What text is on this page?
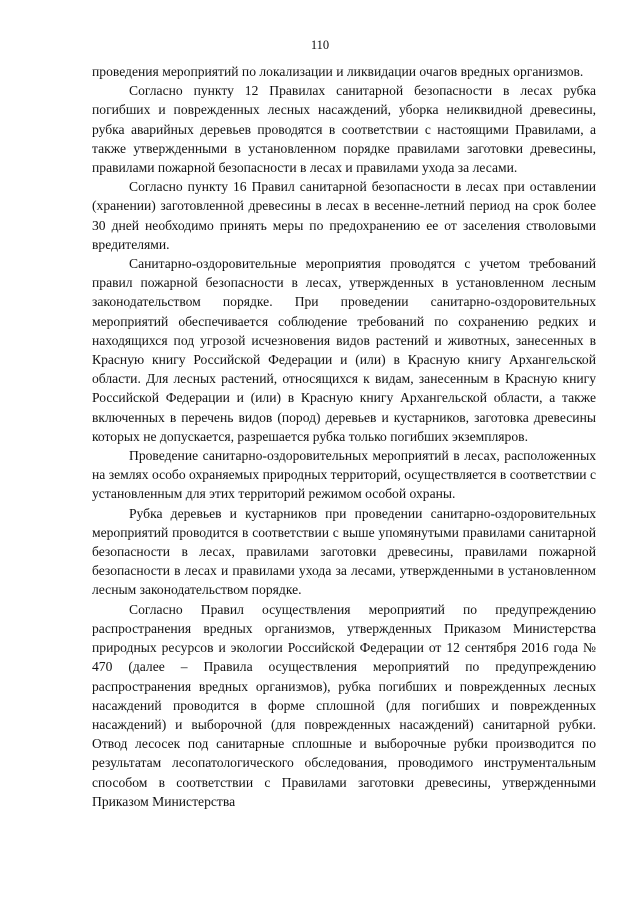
110

проведения мероприятий по локализации и ликвидации очагов вредных организмов.

Согласно пункту 12 Правилах санитарной безопасности в лесах рубка погибших и поврежденных лесных насаждений, уборка неликвидной древесины, рубка аварийных деревьев проводятся в соответствии с настоящими Правилами, а также утвержденными в установленном порядке правилами заготовки древесины, правилами пожарной безопасности в лесах и правилами ухода за лесами.

Согласно пункту 16 Правил санитарной безопасности в лесах при оставлении (хранении) заготовленной древесины в лесах в весенне-летний период на срок более 30 дней необходимо принять меры по предохранению ее от заселения стволовыми вредителями.

Санитарно-оздоровительные мероприятия проводятся с учетом требований правил пожарной безопасности в лесах, утвержденных в установленном лесным законодательством порядке. При проведении санитарно-оздоровительных мероприятий обеспечивается соблюдение требований по сохранению редких и находящихся под угрозой исчезновения видов растений и животных, занесенных в Красную книгу Российской Федерации и (или) в Красную книгу Архангельской области. Для лесных растений, относящихся к видам, занесенным в Красную книгу Российской Федерации и (или) в Красную книгу Архангельской области, а также включенных в перечень видов (пород) деревьев и кустарников, заготовка древесины которых не допускается, разрешается рубка только погибших экземпляров.

Проведение санитарно-оздоровительных мероприятий в лесах, расположенных на землях особо охраняемых природных территорий, осуществляется в соответствии с установленным для этих территорий режимом особой охраны.

Рубка деревьев и кустарников при проведении санитарно-оздоровительных мероприятий проводится в соответствии с выше упомянутыми правилами санитарной безопасности в лесах, правилами заготовки древесины, правилами пожарной безопасности в лесах и правилами ухода за лесами, утвержденными в установленном лесным законодательством порядке.

Согласно Правил осуществления мероприятий по предупреждению распространения вредных организмов, утвержденных Приказом Министерства природных ресурсов и экологии Российской Федерации от 12 сентября 2016 года № 470 (далее – Правила осуществления мероприятий по предупреждению распространения вредных организмов), рубка погибших и поврежденных лесных насаждений проводится в форме сплошной (для погибших и поврежденных насаждений) и выборочной (для поврежденных насаждений) санитарной рубки. Отвод лесосек под санитарные сплошные и выборочные рубки производится по результатам лесопатологического обследования, проводимого инструментальным способом в соответствии с Правилами заготовки древесины, утвержденными Приказом Министерства
